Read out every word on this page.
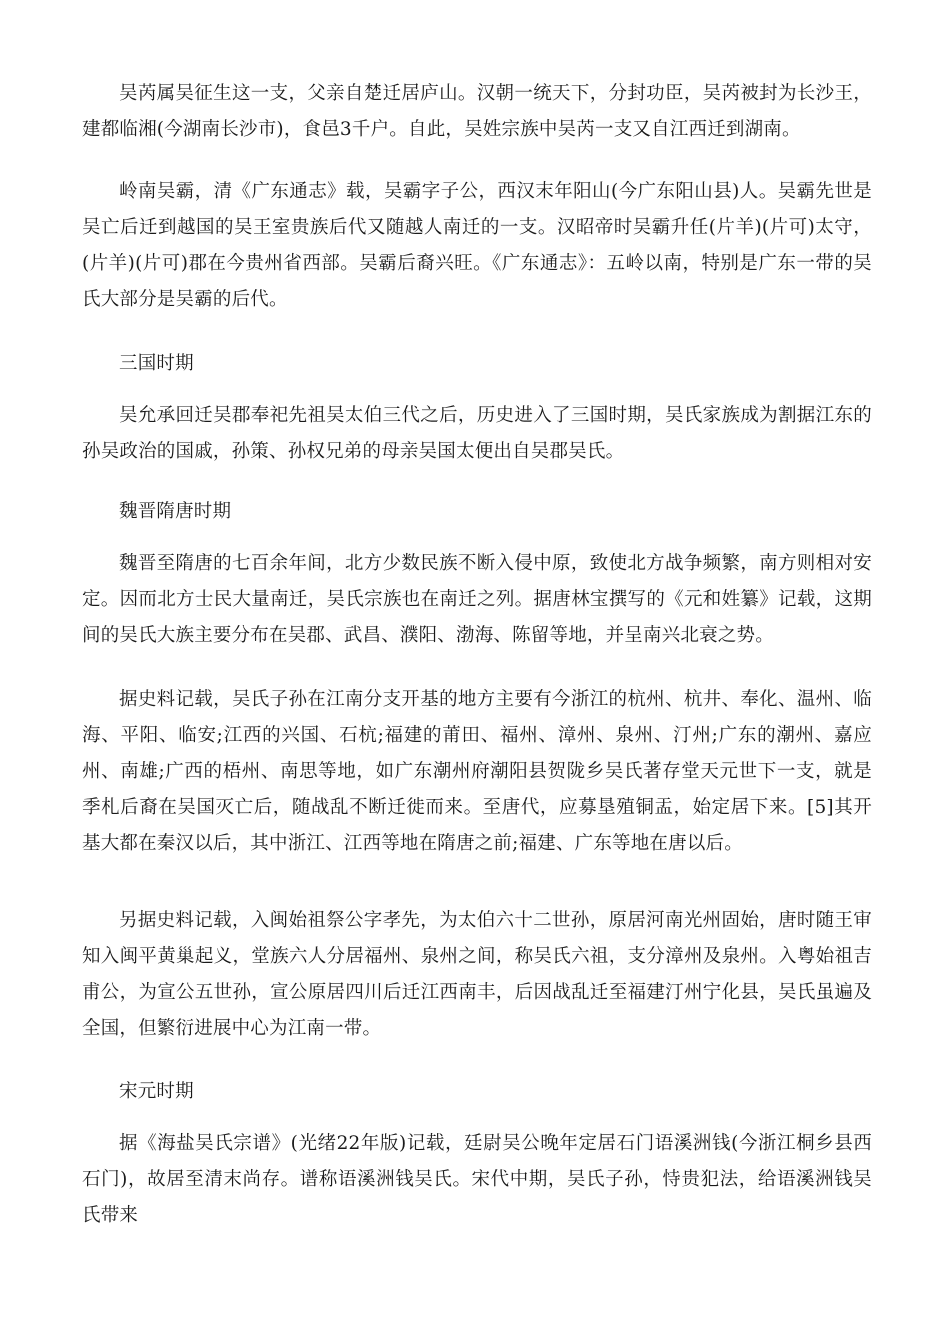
吴芮属吴征生这一支，父亲自楚迁居庐山。汉朝一统天下，分封功臣，吴芮被封为长沙王，建都临湘(今湖南长沙市)，食邑3千户。自此，吴姓宗族中吴芮一支又自江西迁到湖南。

岭南吴霸，清《广东通志》载，吴霸字子公，西汉末年阳山(今广东阳山县)人。吴霸先世是吴亡后迁到越国的吴王室贵族后代又随越人南迁的一支。汉昭帝时吴霸升任(片羊)(片可)太守，(片羊)(片可)郡在今贵州省西部。吴霸后裔兴旺。《广东通志》：五岭以南，特别是广东一带的吴氏大部分是吴霸的后代。

三国时期

吴允承回迁吴郡奉祀先祖吴太伯三代之后，历史进入了三国时期，吴氏家族成为割据江东的孙吴政治的国戚，孙策、孙权兄弟的母亲吴国太便出自吴郡吴氏。

魏晋隋唐时期

魏晋至隋唐的七百余年间，北方少数民族不断入侵中原，致使北方战争频繁，南方则相对安定。因而北方士民大量南迁，吴氏宗族也在南迁之列。据唐林宝撰写的《元和姓纂》记载，这期间的吴氏大族主要分布在吴郡、武昌、濮阳、渤海、陈留等地，并呈南兴北衰之势。

据史料记载，吴氏子孙在江南分支开基的地方主要有今浙江的杭州、杭井、奉化、温州、临海、平阳、临安;江西的兴国、石杭;福建的莆田、福州、漳州、泉州、汀州;广东的潮州、嘉应州、南雄;广西的梧州、南思等地，如广东潮州府潮阳县贺陇乡吴氏著存堂天元世下一支，就是季札后裔在吴国灭亡后，随战乱不断迁徙而来。至唐代，应募垦殖铜盂，始定居下来。[5]其开基大都在秦汉以后，其中浙江、江西等地在隋唐之前;福建、广东等地在唐以后。

另据史料记载，入闽始祖祭公字孝先，为太伯六十二世孙，原居河南光州固始，唐时随王审知入闽平黄巢起义，堂族六人分居福州、泉州之间，称吴氏六祖，支分漳州及泉州。入粤始祖吉甫公，为宣公五世孙，宣公原居四川后迁江西南丰，后因战乱迁至福建汀州宁化县，吴氏虽遍及全国，但繁衍进展中心为江南一带。

宋元时期

据《海盐吴氏宗谱》(光绪22年版)记载，廷尉吴公晚年定居石门语溪洲钱(今浙江桐乡县西石门)，故居至清末尚存。谱称语溪洲钱吴氏。宋代中期，吴氏子孙，恃贵犯法，给语溪洲钱吴氏带来
